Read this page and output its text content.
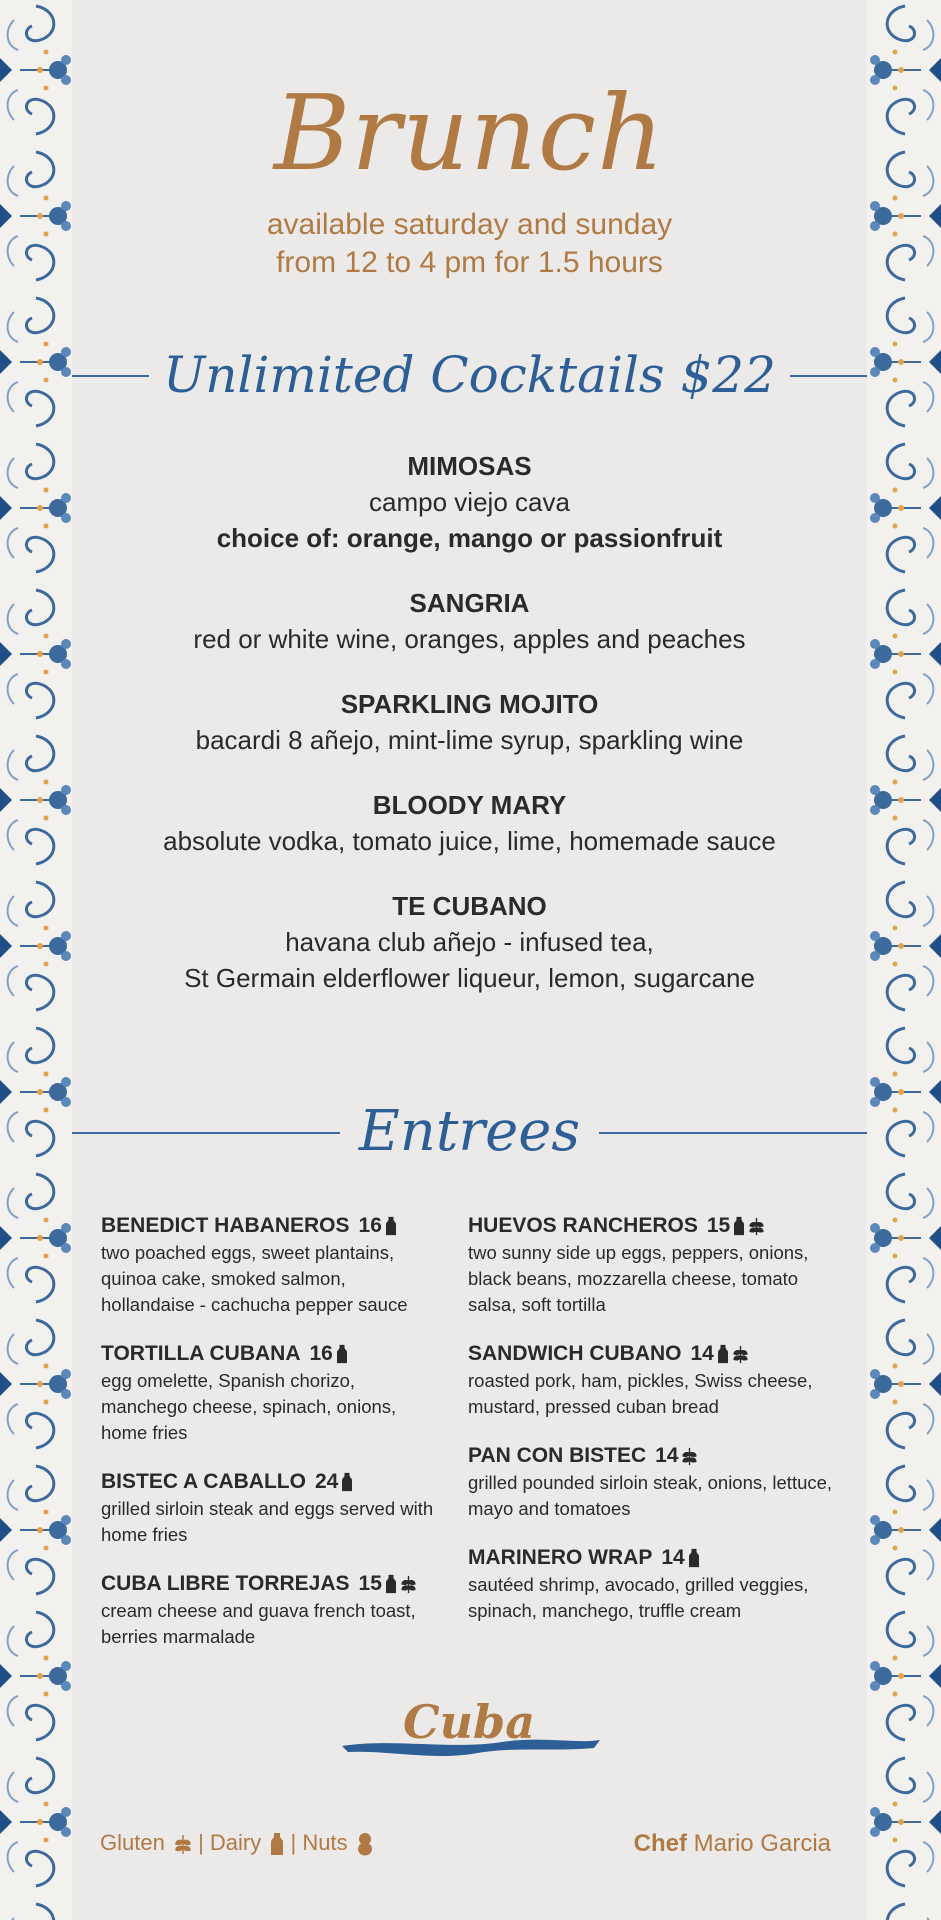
Brunch
available saturday and sunday
from 12 to 4 pm for 1.5 hours
Unlimited Cocktails $22
MIMOSAS
campo viejo cava
choice of: orange, mango or passionfruit
SANGRIA
red or white wine, oranges, apples and peaches
SPARKLING MOJITO
bacardi 8 añejo, mint-lime syrup, sparkling wine
BLOODY MARY
absolute vodka, tomato juice, lime, homemade sauce
TE CUBANO
havana club añejo - infused tea,
St Germain elderflower liqueur, lemon, sugarcane
Entrees
BENEDICT HABANEROS 16
two poached eggs, sweet plantains, quinoa cake, smoked salmon, hollandaise - cachucha pepper sauce
TORTILLA CUBANA 16
egg omelette, Spanish chorizo, manchego cheese, spinach, onions, home fries
BISTEC A CABALLO 24
grilled sirloin steak and eggs served with home fries
CUBA LIBRE TORREJAS 15
cream cheese and guava french toast, berries marmalade
HUEVOS RANCHEROS 15
two sunny side up eggs, peppers, onions, black beans, mozzarella cheese, tomato salsa, soft tortilla
SANDWICH CUBANO 14
roasted pork, ham, pickles, Swiss cheese, mustard, pressed cuban bread
PAN CON BISTEC 14
grilled pounded sirloin steak, onions, lettuce, mayo and tomatoes
MARINERO WRAP 14
sautéed shrimp, avocado, grilled veggies, spinach, manchego, truffle cream
Cuba
Gluten | Dairy | Nuts	Chef Mario Garcia
